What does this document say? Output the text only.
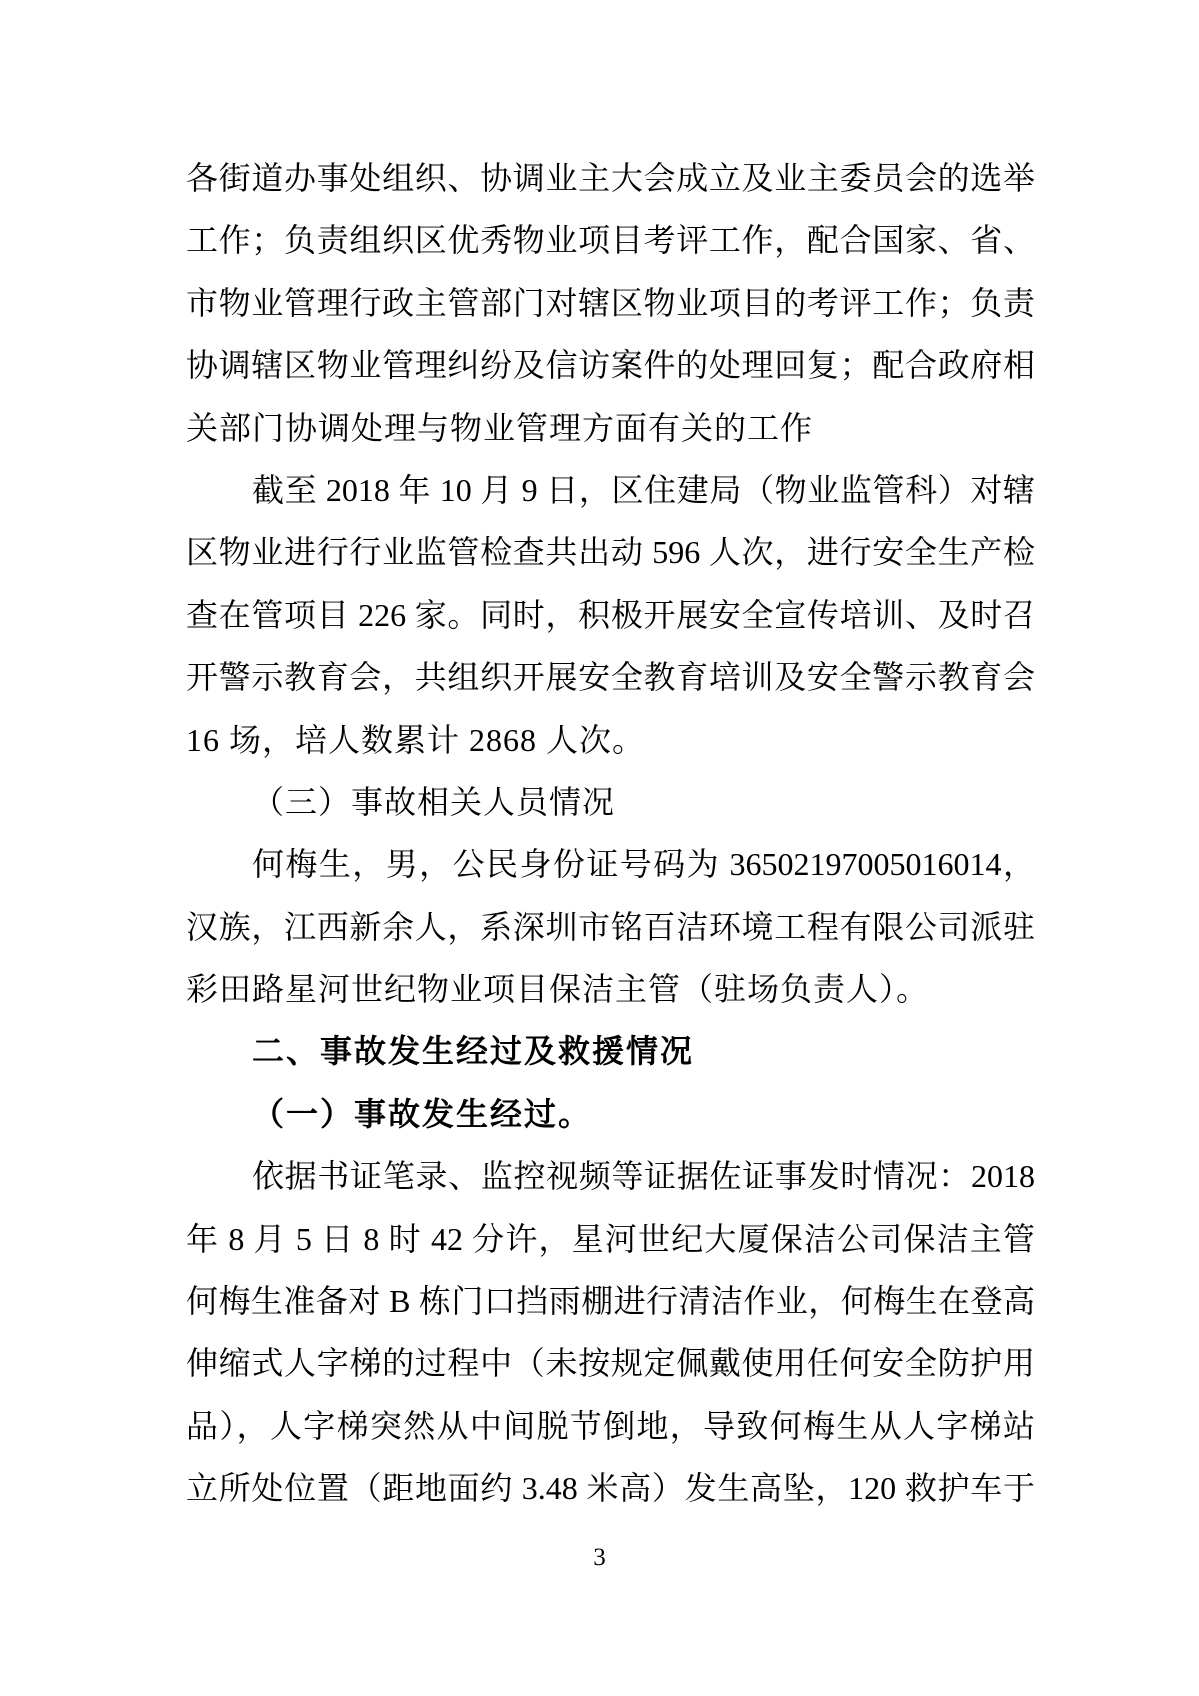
各街道办事处组织、协调业主大会成立及业主委员会的选举
工作；负责组织区优秀物业项目考评工作，配合国家、省、
市物业管理行政主管部门对辖区物业项目的考评工作；负责
协调辖区物业管理纠纷及信访案件的处理回复；配合政府相
关部门协调处理与物业管理方面有关的工作
截至 2018 年 10 月 9 日，区住建局（物业监管科）对辖
区物业进行行业监管检查共出动 596 人次，进行安全生产检
查在管项目 226 家。同时，积极开展安全宣传培训、及时召
开警示教育会，共组织开展安全教育培训及安全警示教育会
16 场，培人数累计 2868 人次。
（三）事故相关人员情况
何梅生，男，公民身份证号码为 36502197005016014，
汉族，江西新余人，系深圳市铭百洁环境工程有限公司派驻
彩田路星河世纪物业项目保洁主管（驻场负责人）。
二、事故发生经过及救援情况
（一）事故发生经过。
依据书证笔录、监控视频等证据佐证事发时情况：2018
年 8 月 5 日 8 时 42 分许，星河世纪大厦保洁公司保洁主管
何梅生准备对 B 栋门口挡雨棚进行清洁作业，何梅生在登高
伸缩式人字梯的过程中（未按规定佩戴使用任何安全防护用
品），人字梯突然从中间脱节倒地，导致何梅生从人字梯站
立所处位置（距地面约 3.48 米高）发生高坠，120 救护车于
3
